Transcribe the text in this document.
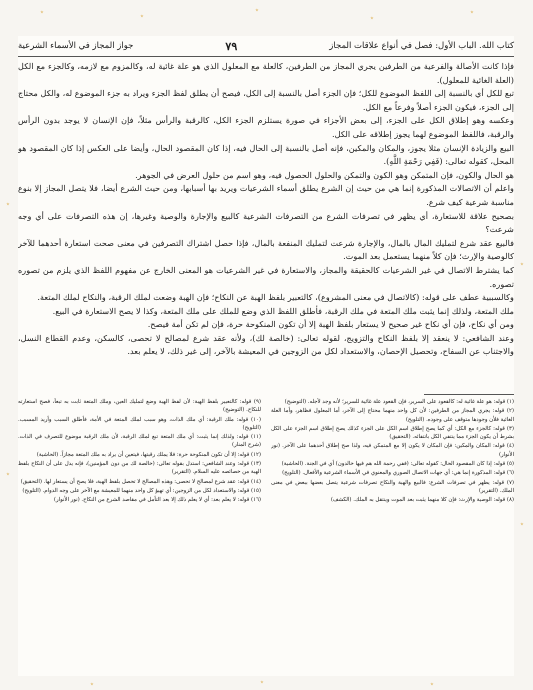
كتاب الله. الباب الأول: فصل في أنواع علاقات المجاز
٧٩
جواز المجاز في الأسماء الشرعية

فإذا كانت الأصالة والفرعية من الطرفين يجري المجاز من الطرفين، كالعلة مع المعلول الذي هو علة غائية له، وكالمزوم مع لازمه، وكالجزء مع الكل (العلة الغائية للمعلول).

تبع للكل أي بالنسبة إلى اللفظ الموضوع للكل؛ فإن الجزء أصل بالنسبة إلى الكل، فيصح أن يطلق لفظ الجزء ويراد به جزء الموضوع له، والكل محتاج إلى الجزء، فيكون الجزء أصلاً وفرعاً مع الكل.

وعكسه وهو إطلاق الكل على الجزء، إلى بعض الأجزاء في صورة يستلزم الجزء الكل، كالرقبة والرأس مثلاً، فإن الإنسان لا يوجد بدون الرأس والرقبة، فاللفظ الموضوع لهما يجوز إطلاقه على الكل.

البيع والزيادة الإنسان مثلا يجوز، والمكان والمكين، فإنه أصل بالنسبة إلى الحال فيه، إذا كان المقصود الحال، وأيضا على العكس إذا كان المقصود هو المحل، كقوله تعالى: (فَفِي رَحْمَةِ اللَّهِ).

هو الحال والكون، فإن المتمكن وهو الكون والتمكن والحلول الحصول فيه، وهو اسم من حلول العرض في الجوهر.

واعلم أن الاتصالات المذكورة إنما هي من حيث إن الشرع يطلق أسماء الشرعيات ويريد بها أسبابها، ومن حيث الشرع أيضا، فلا يتصل المجاز إلا بنوع مناسبة شرعية كيف شرع.

بصحيح علاقة للاستعارة، أي يظهر في تصرفات الشرع من التصرفات الشرعية كالبيع والإجارة والوصية وغيرها، إن هذه التصرفات على أي وجه شرعت؟

فالبيع عقد شرع لتمليك المال بالمال، والإجارة شرعت لتمليك المنفعة بالمال، فإذا حصل اشتراك التصرفين في معنى صحت استعارة أحدهما للآخر كالوصية والإرث؛ فإن كلاً منهما يستعمل بعد الموت.

كما يشترط الاتصال في غير الشرعيات كالحقيقة والمجاز، والاستعارة في غير الشرعيات هو المعنى الخارج عن مفهوم اللفظ الذي يلزم من تصوره تصوره.

وكالسببية عطف على قوله: (كالاتصال في معنى المشروع)، كالتعبير بلفظ الهبة عن النكاح؛ فإن الهبة وضعت لملك الرقبة، والنكاح لملك المتعة.

ملك المتعة، ولذلك إنما يثبت ملك المتعة في ملك الرقبة، فأطلق اللفظ الذي وضع للملك على ملك المتعة، وكذا لا يصح الاستعارة في البيع.

ومن أي نكاح، فإن أي نكاح غير صحيح لا يستعار بلفظ الهبة إلا أن تكون المنكوحة حرة، فإن لم تكن أمة فيصح.

وعند الشافعي: لا ينعقد إلا بلفظ النكاح والتزويج، لقوله تعالى: (خالصة لك)، ولأنه عقد شرع لمصالح لا تحصى، كالسكن، وعدم القطاع النسل، والاجتناب عن السفاح، وتحصيل الإحصان، والاستعداد لكل من الزوجين في المعيشة بالآخر، إلى غير ذلك، لا يعلم بعد.

(١) قوله: هو علة غائية له: كالقعود على السرير، فإن القعود علة غائية للسرير؛ لأنه وجد لأجله. (التوضيح)

(٢) قوله: يجري المجاز من الطرفين: لأن كل واحد منهما محتاج إلى الآخر، أما المعلول فظاهر، وأما العلة الغائية فلأن وجودها متوقف على وجوده. (التلويح)

(٣) قوله: كالجزء مع الكل: أي كما يصح إطلاق اسم الكل على الجزء كذلك يصح إطلاق اسم الجزء على الكل بشرط أن يكون الجزء مما ينتفي الكل بانتفائه. (التحقيق)

(٤) قوله: المكان والمكين: فإن المكان لا يكون إلا مع المتمكن فيه، ولذا صح إطلاق أحدهما على الآخر. (نور الأنوار)

(٥) قوله: إذا كان المقصود الحال: كقوله تعالى: (ففي رحمة الله هم فيها خالدون) أي في الجنة. (الحاشية)

(٦) قوله: المذكورة إنما هي: أي جهات الاتصال الصوري والمعنوي في الأسماء الشرعية والأفعال. (التلويح)

(٧) قوله: يظهر في تصرفات الشرع: فالبيع والهبة والنكاح تصرفات شرعية يتصل بعضها ببعض في معنى الملك. (التقرير)

(٨) قوله: الوصية والإرث: فإن كلا منهما يثبت بعد الموت وينتقل به الملك. (الكشف)

(٩) قوله: كالتعبير بلفظ الهبة: لأن لفظ الهبة وضع لتمليك العين، وملك المتعة ثابت به تبعاً، فصح استعارته للنكاح. (التوضيح)

(١٠) قوله: ملك الرقبة: أي ملك الذات، وهو سبب لملك المتعة في الأمة، فأطلق السبب وأريد المسبب. (التلويح)

(١١) قوله: ولذلك إنما يثبت: أي ملك المتعة تبع لملك الرقبة، لأن ملك الرقبة موضوع للتصرف في الذات. (شرح المنار)

(١٢) قوله: إلا أن تكون المنكوحة حرة: فلا يملك رقبتها، فيتعين أن يراد به ملك المتعة مجازاً. (الحاشية)

(١٣) قوله: وعند الشافعي: استدل بقوله تعالى: (خالصة لك من دون المؤمنين)، فإنه يدل على أن النكاح بلفظ الهبة من خصائصه عليه السلام. (التقرير)

(١٤) قوله: عقد شرع لمصالح لا تحصى: وهذه المصالح لا تحصل بلفظ الهبة، فلا يصح أن يستعار لها. (التحقيق)

(١٥) قوله: والاستعداد لكل من الزوجين: أي تهيؤ كل واحد منهما للمعيشة مع الآخر على وجه الدوام. (التلويح)

(١٦) قوله: لا يعلم بعد: أي لا يعلم ذلك إلا بعد التأمل في مقاصد الشرع من النكاح. (نور الأنوار)

٭	٭
٭
٭
٭
٭
٭
٭
٭
٭	٭	٭
